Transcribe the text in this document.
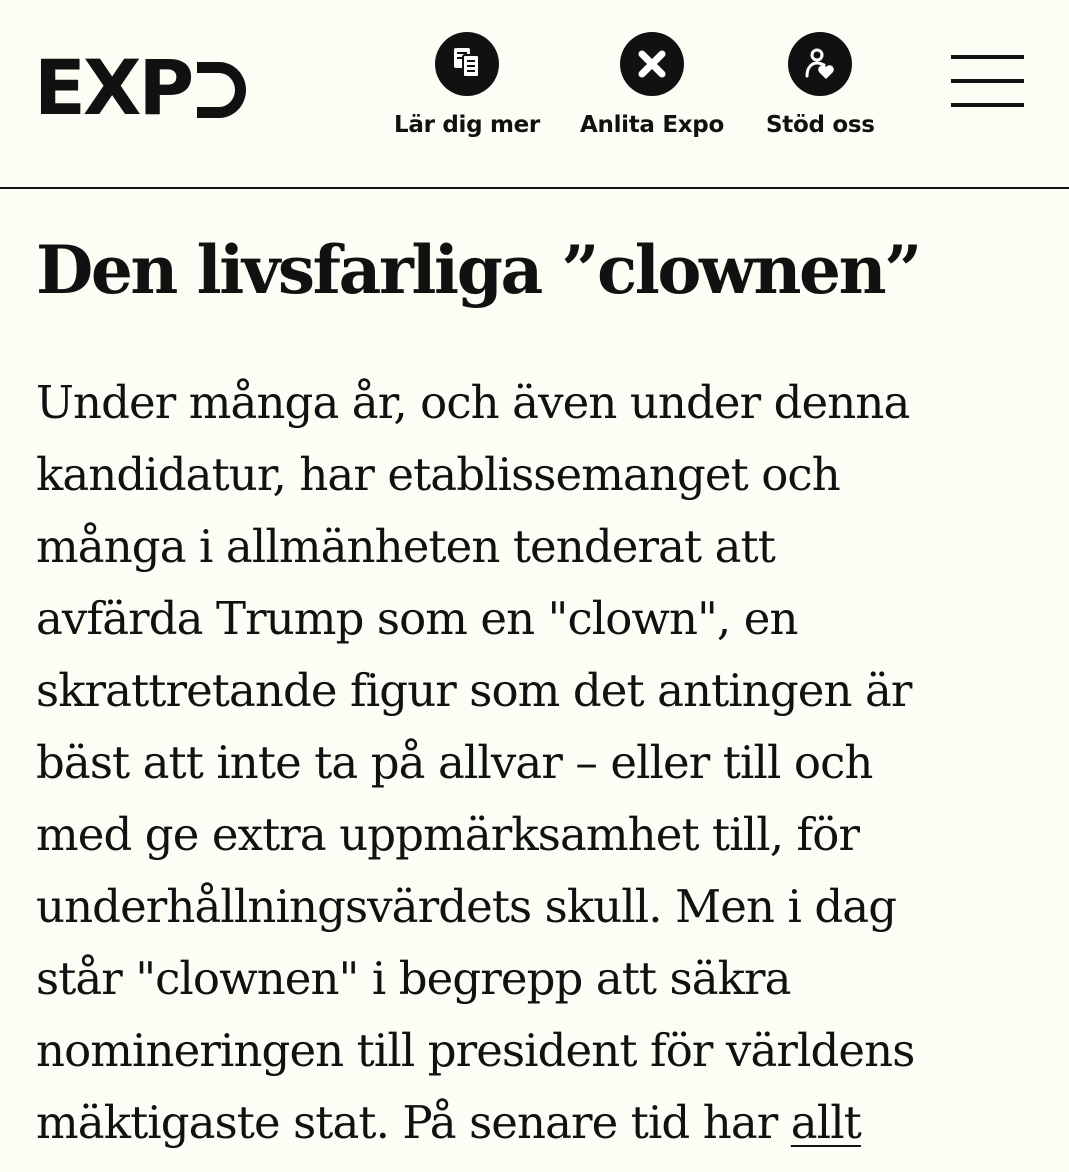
EXP	Lär dig mer Anlita Expo Stöd oss
Den livsfarliga ”clownen”
Under många år, och även under denna
kandidatur, har etablissemanget och
många i allmänheten tenderat att
avfärda Trump som en "clown", en
skrattretande figur som det antingen är
bäst att inte ta på allvar – eller till och
med ge extra uppmärksamhet till, för
underhållningsvärdets skull. Men i dag
står "clownen" i begrepp att säkra
nomineringen till president för världens
mäktigaste stat. På senare tid har allt
